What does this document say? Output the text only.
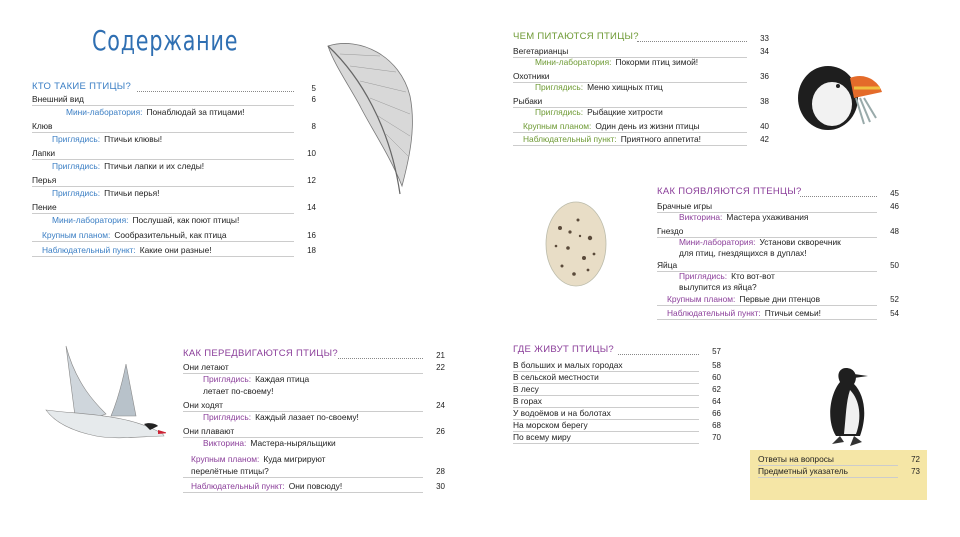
Содержание
КТО ТАКИЕ ПТИЦЫ?	5
Внешний вид	6
Мини-лаборатория: Понаблюдай за птицами!
Клюв	8
Приглядись: Птичьи клювы!
Лапки	10
Приглядись: Птичьи лапки и их следы!
Перья	12
Приглядись: Птичьи перья!
Пение	14
Мини-лаборатория: Послушай, как поют птицы!
Крупным планом: Сообразительный, как птица	16
Наблюдательный пункт: Какие они разные!	18
КАК ПЕРЕДВИГАЮТСЯ ПТИЦЫ?	21
Они летают	22
Приглядись: Каждая птица
летает по-своему!
Они ходят	24
Приглядись: Каждый лазает по-своему!
Они плавают	26
Викторина: Мастера-ныряльщики
Крупным планом: Куда мигрируют
перелётные птицы?	28
Наблюдательный пункт: Они повсюду!	30
ЧЕМ ПИТАЮТСЯ ПТИЦЫ?	33
Вегетарианцы	34
Мини-лаборатория: Покорми птиц зимой!
Охотники	36
Приглядись: Меню хищных птиц
Рыбаки	38
Приглядись: Рыбацкие хитрости
Крупным планом: Один день из жизни птицы	40
Наблюдательный пункт: Приятного аппетита!	42
КАК ПОЯВЛЯЮТСЯ ПТЕНЦЫ?	45
Брачные игры	46
Викторина: Мастера ухаживания
Гнездо	48
Мини-лаборатория: Установи скворечник
для птиц, гнездящихся в дуплах!
Яйца	50
Приглядись: Кто вот-вот
вылупится из яйца?
Крупным планом: Первые дни птенцов	52
Наблюдательный пункт: Птичьи семьи!	54
ГДЕ ЖИВУТ ПТИЦЫ?	57
В больших и малых городах	58
В сельской местности	60
В лесу	62
В горах	64
У водоёмов и на болотах	66
На морском берегу	68
По всему миру	70
Ответы на вопросы	72
Предметный указатель	73
